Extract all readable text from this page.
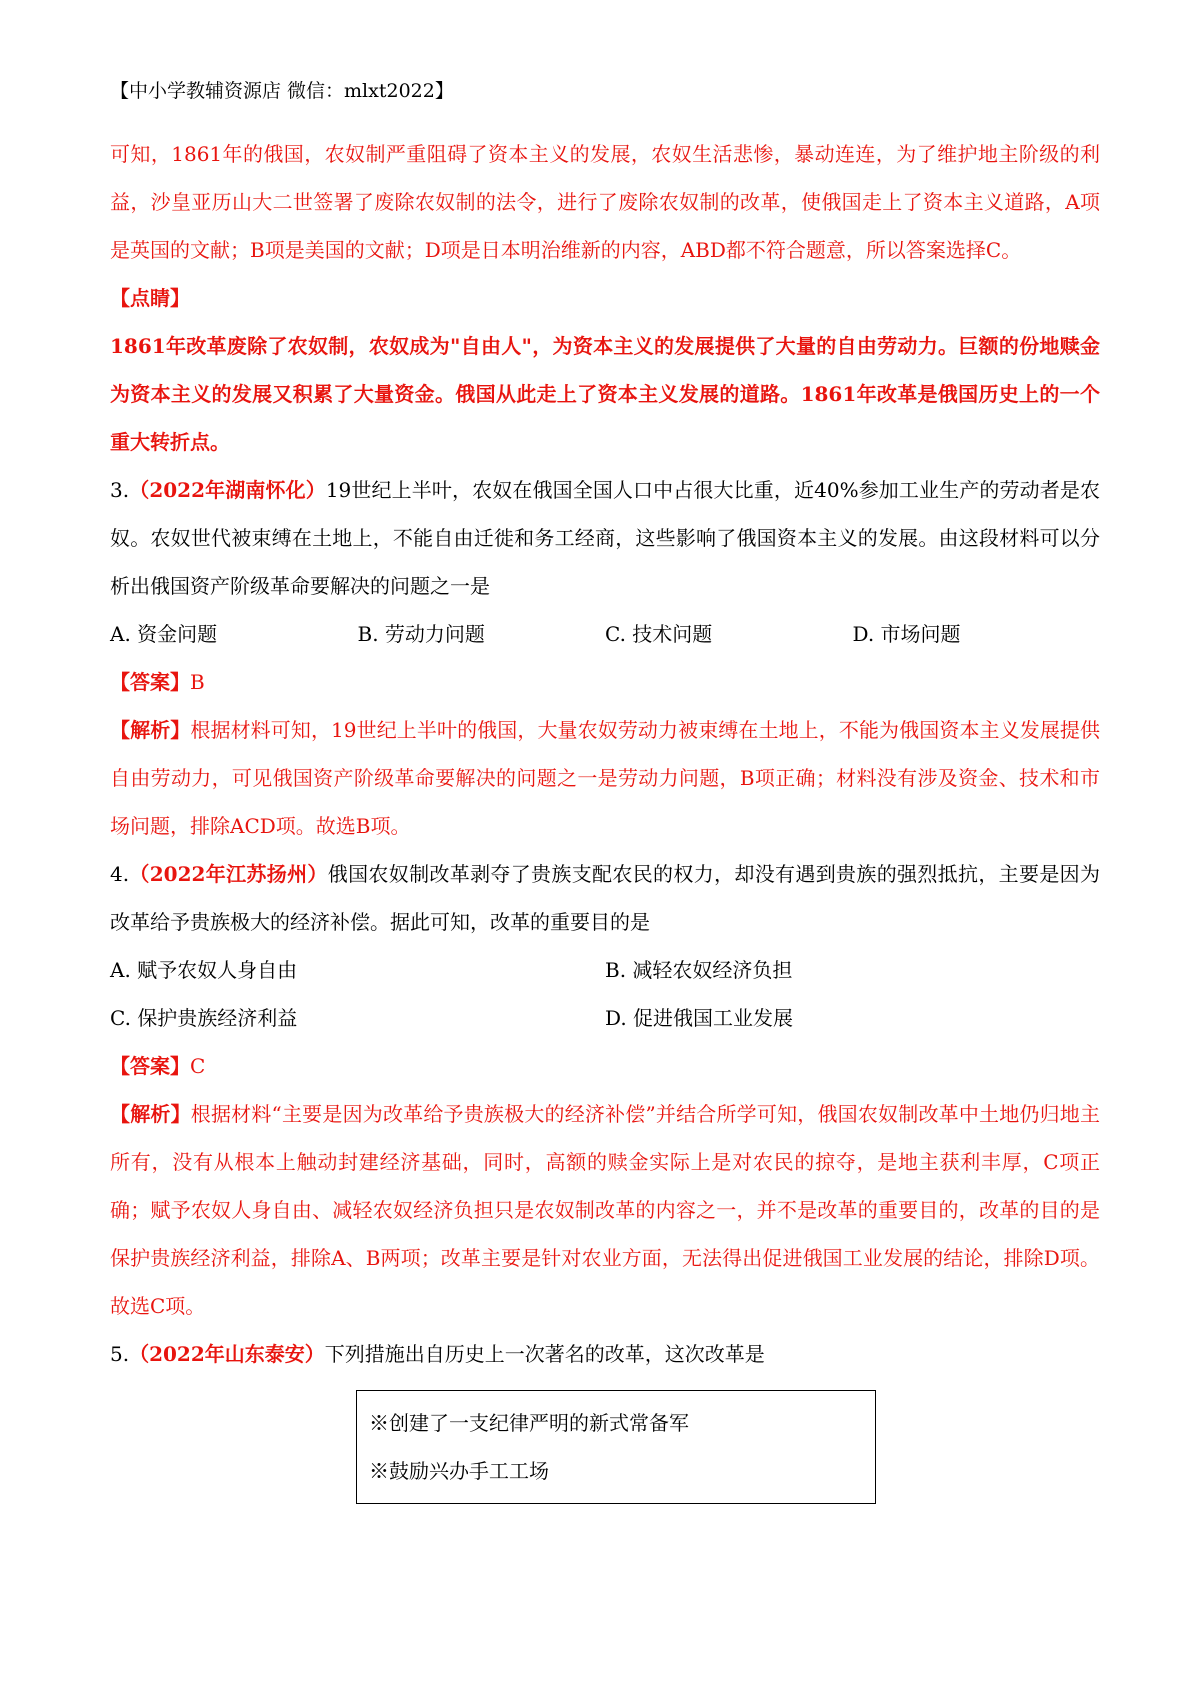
【中小学教辅资源店 微信：mlxt2022】

可知，1861年的俄国，农奴制严重阻碍了资本主义的发展，农奴生活悲惨，暴动连连，为了维护地主阶级的利益，沙皇亚历山大二世签署了废除农奴制的法令，进行了废除农奴制的改革，使俄国走上了资本主义道路，A项是英国的文献；B项是美国的文献；D项是日本明治维新的内容，ABD都不符合题意，所以答案选择C。

【点睛】

1861年改革废除了农奴制，农奴成为"自由人"，为资本主义的发展提供了大量的自由劳动力。巨额的份地赎金为资本主义的发展又积累了大量资金。俄国从此走上了资本主义发展的道路。1861年改革是俄国历史上的一个重大转折点。

3.（2022年湖南怀化）19世纪上半叶，农奴在俄国全国人口中占很大比重，近40%参加工业生产的劳动者是农奴。农奴世代被束缚在土地上，不能自由迁徙和务工经商，这些影响了俄国资本主义的发展。由这段材料可以分析出俄国资产阶级革命要解决的问题之一是

A. 资金问题	B. 劳动力问题	C. 技术问题	D. 市场问题

【答案】B

【解析】根据材料可知，19世纪上半叶的俄国，大量农奴劳动力被束缚在土地上，不能为俄国资本主义发展提供自由劳动力，可见俄国资产阶级革命要解决的问题之一是劳动力问题，B项正确；材料没有涉及资金、技术和市场问题，排除ACD项。故选B项。

4.（2022年江苏扬州）俄国农奴制改革剥夺了贵族支配农民的权力，却没有遇到贵族的强烈抵抗，主要是因为改革给予贵族极大的经济补偿。据此可知，改革的重要目的是

A. 赋予农奴人身自由	B. 减轻农奴经济负担
C. 保护贵族经济利益	D. 促进俄国工业发展

【答案】C

【解析】根据材料“主要是因为改革给予贵族极大的经济补偿”并结合所学可知，俄国农奴制改革中土地仍归地主所有，没有从根本上触动封建经济基础，同时，高额的赎金实际上是对农民的掠夺，是地主获利丰厚，C项正确；赋予农奴人身自由、减轻农奴经济负担只是农奴制改革的内容之一，并不是改革的重要目的，改革的目的是保护贵族经济利益，排除A、B两项；改革主要是针对农业方面，无法得出促进俄国工业发展的结论，排除D项。故选C项。

5.（2022年山东泰安）下列措施出自历史上一次著名的改革，这次改革是

※创建了一支纪律严明的新式常备军
※鼓励兴办手工工场
